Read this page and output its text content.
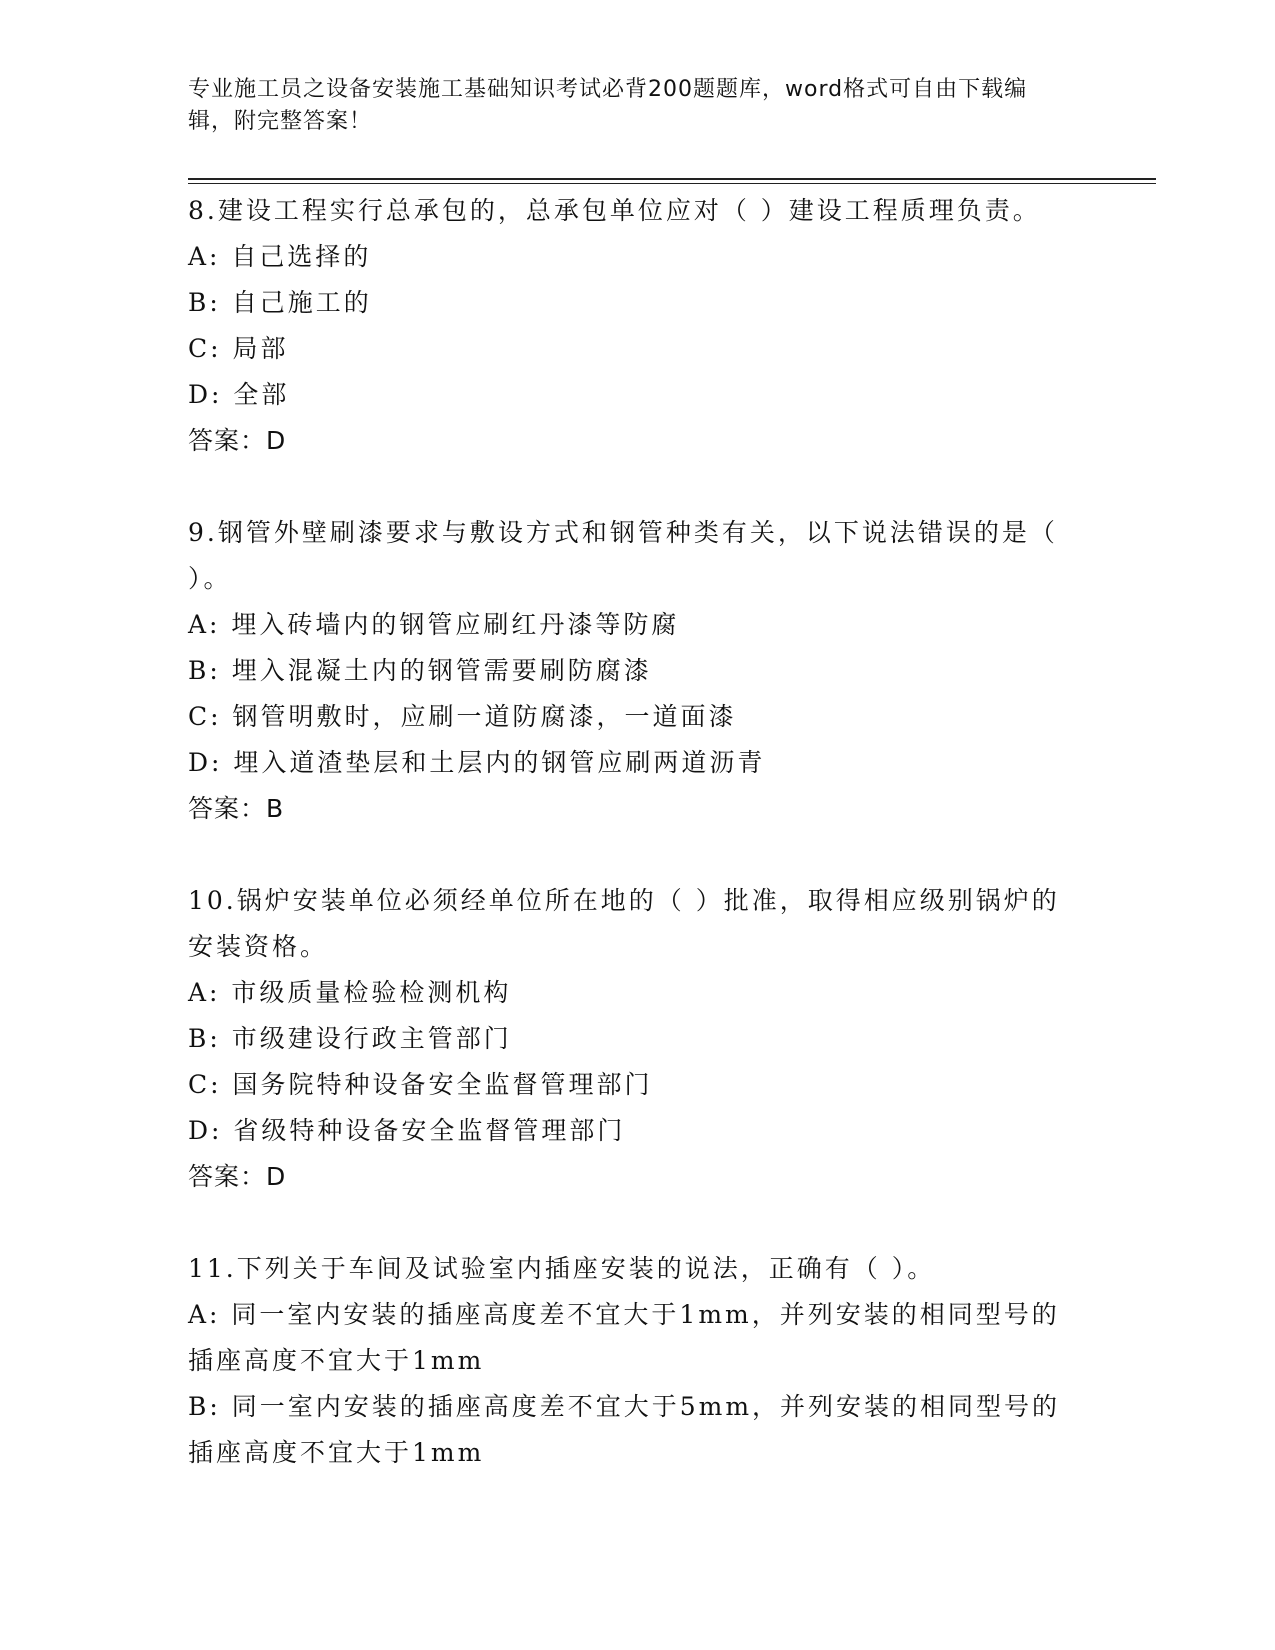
专业施工员之设备安装施工基础知识考试必背200题题库，word格式可自由下载编辑，附完整答案！
8.建设工程实行总承包的，总承包单位应对（ ）建设工程质理负责。
A: 自己选择的
B: 自己施工的
C: 局部
D: 全部
答案：D
9.钢管外壁刷漆要求与敷设方式和钢管种类有关，以下说法错误的是（ ）。
A: 埋入砖墙内的钢管应刷红丹漆等防腐
B: 埋入混凝土内的钢管需要刷防腐漆
C: 钢管明敷时，应刷一道防腐漆，一道面漆
D: 埋入道渣垫层和土层内的钢管应刷两道沥青
答案：B
10.锅炉安装单位必须经单位所在地的（ ）批准，取得相应级别锅炉的安装资格。
A: 市级质量检验检测机构
B: 市级建设行政主管部门
C: 国务院特种设备安全监督管理部门
D: 省级特种设备安全监督管理部门
答案：D
11.下列关于车间及试验室内插座安装的说法，正确有（ ）。
A: 同一室内安装的插座高度差不宜大于1mm，并列安装的相同型号的插座高度不宜大于1mm
B: 同一室内安装的插座高度差不宜大于5mm，并列安装的相同型号的插座高度不宜大于1mm
